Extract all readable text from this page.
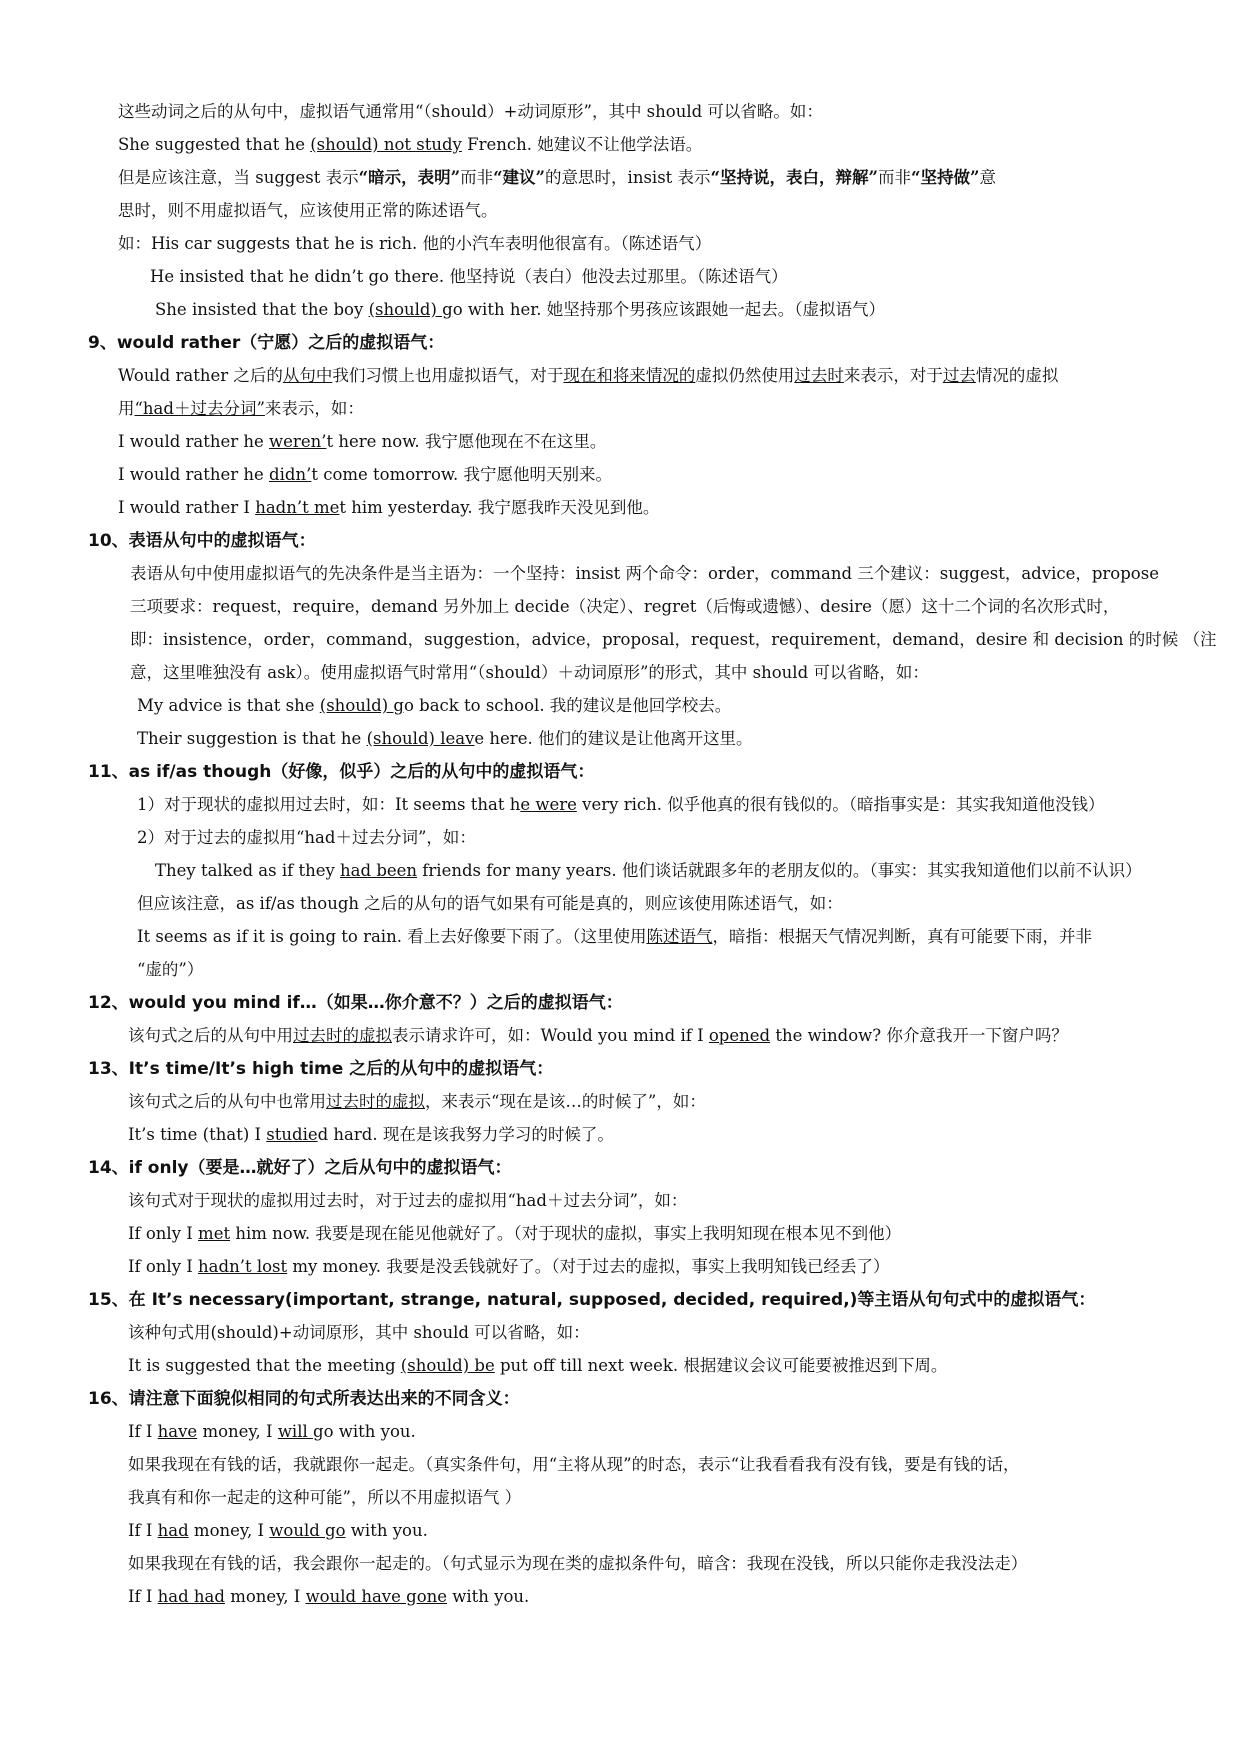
这些动词之后的从句中，虚拟语气通常用“（should）+动词原形”，其中 should 可以省略。如：
She suggested that he (should) not study French. 她建议不让他学法语。
但是应该注意，当 suggest 表示“暗示，表明”而非“建议”的意思时，insist 表示“坚持说，表白，辩解”而非“坚持做”意
思时，则不用虚拟语气，应该使用正常的陈述语气。
如：His car suggests that he is rich. 他的小汽车表明他很富有。（陈述语气）
He insisted that he didn’t go there. 他坚持说（表白）他没去过那里。（陈述语气）
She insisted that the boy (should) go with her. 她坚持那个男孩应该跟她一起去。（虚拟语气）
9、would rather（宁愿）之后的虚拟语气：
Would rather 之后的从句中我们习惯上也用虚拟语气，对于现在和将来情况的虚拟仍然使用过去时来表示，对于过去情况的虚拟
用“had＋过去分词”来表示，如：
I would rather he weren’t here now. 我宁愿他现在不在这里。
I would rather he didn’t come tomorrow. 我宁愿他明天别来。
I would rather I hadn’t met him yesterday. 我宁愿我昨天没见到他。
10、表语从句中的虚拟语气：
表语从句中使用虚拟语气的先决条件是当主语为：一个坚持：insist 两个命令：order，command 三个建议：suggest，advice，propose
三项要求：request，require，demand 另外加上 decide（决定）、regret（后悔或遗憾）、desire（愿）这十二个词的名次形式时，
即：insistence，order，command，suggestion，advice，proposal，request，requirement，demand，desire 和 decision 的时候 （注
意，这里唯独没有 ask）。使用虚拟语气时常用“（should）＋动词原形”的形式，其中 should 可以省略，如：
My advice is that she (should) go back to school. 我的建议是他回学校去。
Their suggestion is that he (should) leave here. 他们的建议是让他离开这里。
11、as if/as though（好像，似乎）之后的从句中的虚拟语气：
1）对于现状的虚拟用过去时，如：It seems that he were very rich. 似乎他真的很有钱似的。（暗指事实是：其实我知道他没钱）
2）对于过去的虚拟用“had＋过去分词”，如：
They talked as if they had been friends for many years. 他们谈话就跟多年的老朋友似的。（事实：其实我知道他们以前不认识）
但应该注意，as if/as though 之后的从句的语气如果有可能是真的，则应该使用陈述语气，如：
It seems as if it is going to rain. 看上去好像要下雨了。（这里使用陈述语气，暗指：根据天气情况判断，真有可能要下雨，并非
“虚的”）
12、would you mind if…（如果…你介意不？）之后的虚拟语气：
该句式之后的从句中用过去时的虚拟表示请求许可，如：Would you mind if I opened the window? 你介意我开一下窗户吗？
13、It’s time/It’s high time 之后的从句中的虚拟语气：
该句式之后的从句中也常用过去时的虚拟，来表示“现在是该…的时候了”，如：
It’s time (that) I studied hard. 现在是该我努力学习的时候了。
14、if only（要是…就好了）之后从句中的虚拟语气：
该句式对于现状的虚拟用过去时，对于过去的虚拟用“had＋过去分词”，如：
If only I met him now. 我要是现在能见他就好了。（对于现状的虚拟，事实上我明知现在根本见不到他）
If only I hadn’t lost my money. 我要是没丢钱就好了。（对于过去的虚拟，事实上我明知钱已经丢了）
15、在 It’s necessary(important, strange, natural, supposed, decided, required,)等主语从句句式中的虚拟语气：
该种句式用(should)+动词原形，其中 should 可以省略，如：
It is suggested that the meeting (should) be put off till next week. 根据建议会议可能要被推迟到下周。
16、请注意下面貌似相同的句式所表达出来的不同含义：
If I have money, I will go with you.
如果我现在有钱的话，我就跟你一起走。（真实条件句，用“主将从现”的时态，表示“让我看看我有没有钱，要是有钱的话，
我真有和你一起走的这种可能”，所以不用虚拟语气 ）
If I had money, I would go with you.
如果我现在有钱的话，我会跟你一起走的。（句式显示为现在类的虚拟条件句，暗含：我现在没钱，所以只能你走我没法走）
If I had had money, I would have gone with you.
